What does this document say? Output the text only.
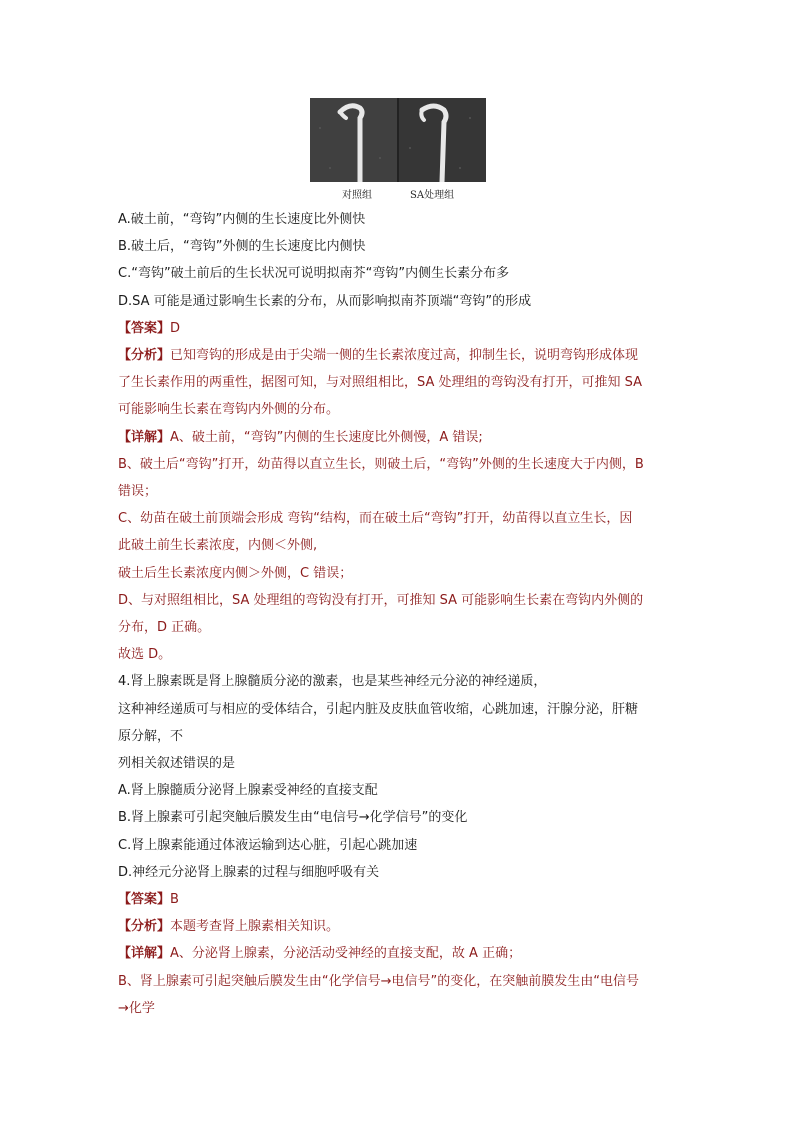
对照组	SA处理组
A.破土前，“弯钩”内侧的生长速度比外侧快
B.破土后，“弯钩”外侧的生长速度比内侧快
C.“弯钩”破土前后的生长状况可说明拟南芥“弯钩”内侧生长素分布多
D.SA 可能是通过影响生长素的分布，从而影响拟南芥顶端“弯钩”的形成
【答案】D
【分析】已知弯钩的形成是由于尖端一侧的生长素浓度过高，抑制生长，说明弯钩形成体现
了生长素作用的两重性，据图可知，与对照组相比，SA 处理组的弯钩没有打开，可推知 SA
可能影响生长素在弯钩内外侧的分布。
【详解】A、破土前，“弯钩”内侧的生长速度比外侧慢，A 错误;
B、破土后“弯钩”打开，幼苗得以直立生长，则破土后，“弯钩”外侧的生长速度大于内侧，B
错误；
C、幼苗在破土前顶端会形成 弯钩“结构，而在破土后“弯钩”打开，幼苗得以直立生长，因
此破土前生长素浓度，内侧＜外侧,
破土后生长素浓度内侧＞外侧，C 错误；
D、与对照组相比，SA 处理组的弯钩没有打开，可推知 SA 可能影响生长素在弯钩内外侧的
分布，D 正确。
故选 D。
4.肾上腺素既是肾上腺髓质分泌的激素，也是某些神经元分泌的神经递质，
这种神经递质可与相应的受体结合，引起内脏及皮肤血管收缩，心跳加速，汗腺分泌，肝糖
原分解，不
列相关叙述错误的是
A.肾上腺髓质分泌肾上腺素受神经的直接支配
B.肾上腺素可引起突触后膜发生由“电信号→化学信号”的变化
C.肾上腺素能通过体液运输到达心脏，引起心跳加速
D.神经元分泌肾上腺素的过程与细胞呼吸有关
【答案】B
【分析】本题考查肾上腺素相关知识。
【详解】A、分泌肾上腺素，分泌活动受神经的直接支配，故 A 正确；
B、肾上腺素可引起突触后膜发生由“化学信号→电信号”的变化，在突触前膜发生由“电信号
→化学
